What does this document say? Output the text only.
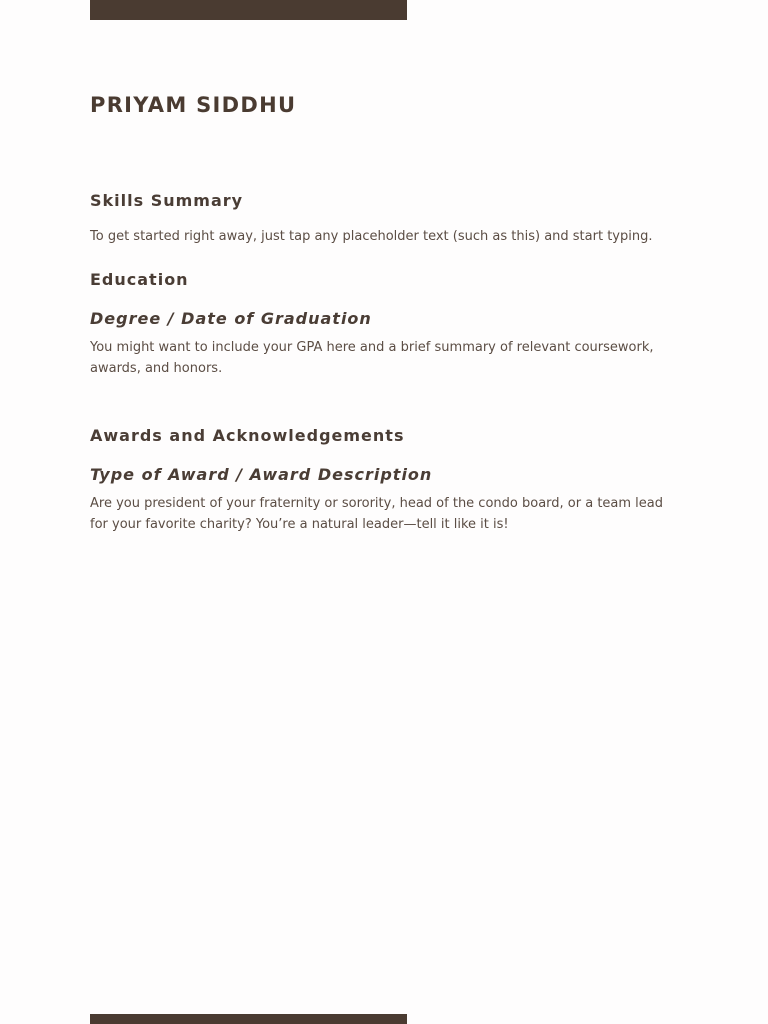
PRIYAM SIDDHU
Skills Summary

To get started right away, just tap any placeholder text (such as this) and start typing.

Education
Degree / Date of Graduation

You might want to include your GPA here and a brief summary of relevant coursework, awards, and honors.

Awards and Acknowledgements
Type of Award / Award Description

Are you president of your fraternity or sorority, head of the condo board, or a team lead for your favorite charity? You’re a natural leader—tell it like it is!
